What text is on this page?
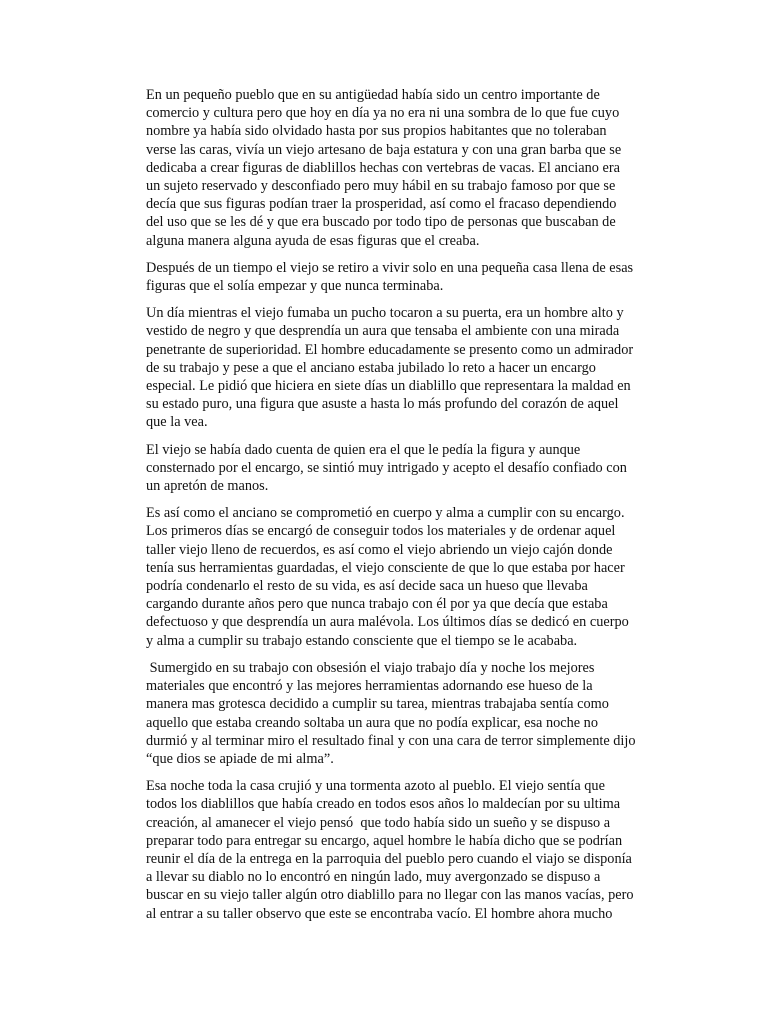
En un pequeño pueblo que en su antigüedad había sido un centro importante de
comercio y cultura pero que hoy en día ya no era ni una sombra de lo que fue cuyo
nombre ya había sido olvidado hasta por sus propios habitantes que no toleraban
verse las caras, vivía un viejo artesano de baja estatura y con una gran barba que se
dedicaba a crear figuras de diablillos hechas con vertebras de vacas. El anciano era
un sujeto reservado y desconfiado pero muy hábil en su trabajo famoso por que se
decía que sus figuras podían traer la prosperidad, así como el fracaso dependiendo
del uso que se les dé y que era buscado por todo tipo de personas que buscaban de
alguna manera alguna ayuda de esas figuras que el creaba.

Después de un tiempo el viejo se retiro a vivir solo en una pequeña casa llena de esas
figuras que el solía empezar y que nunca terminaba.

Un día mientras el viejo fumaba un pucho tocaron a su puerta, era un hombre alto y
vestido de negro y que desprendía un aura que tensaba el ambiente con una mirada
penetrante de superioridad. El hombre educadamente se presento como un admirador
de su trabajo y pese a que el anciano estaba jubilado lo reto a hacer un encargo
especial. Le pidió que hiciera en siete días un diablillo que representara la maldad en
su estado puro, una figura que asuste a hasta lo más profundo del corazón de aquel
que la vea.

El viejo se había dado cuenta de quien era el que le pedía la figura y aunque
consternado por el encargo, se sintió muy intrigado y acepto el desafío confiado con
un apretón de manos.

Es así como el anciano se comprometió en cuerpo y alma a cumplir con su encargo.
Los primeros días se encargó de conseguir todos los materiales y de ordenar aquel
taller viejo lleno de recuerdos, es así como el viejo abriendo un viejo cajón donde
tenía sus herramientas guardadas, el viejo consciente de que lo que estaba por hacer
podría condenarlo el resto de su vida, es así decide saca un hueso que llevaba
cargando durante años pero que nunca trabajo con él por ya que decía que estaba
defectuoso y que desprendía un aura malévola. Los últimos días se dedicó en cuerpo
y alma a cumplir su trabajo estando consciente que el tiempo se le acababa.

Sumergido en su trabajo con obsesión el viajo trabajo día y noche los mejores
materiales que encontró y las mejores herramientas adornando ese hueso de la
manera mas grotesca decidido a cumplir su tarea, mientras trabajaba sentía como
aquello que estaba creando soltaba un aura que no podía explicar, esa noche no
durmió y al terminar miro el resultado final y con una cara de terror simplemente dijo
“que dios se apiade de mi alma”.

Esa noche toda la casa crujió y una tormenta azoto al pueblo. El viejo sentía que
todos los diablillos que había creado en todos esos años lo maldecían por su ultima
creación, al amanecer el viejo pensó  que todo había sido un sueño y se dispuso a
preparar todo para entregar su encargo, aquel hombre le había dicho que se podrían
reunir el día de la entrega en la parroquia del pueblo pero cuando el viajo se disponía
a llevar su diablo no lo encontró en ningún lado, muy avergonzado se dispuso a
buscar en su viejo taller algún otro diablillo para no llegar con las manos vacías, pero
al entrar a su taller observo que este se encontraba vacío. El hombre ahora mucho
